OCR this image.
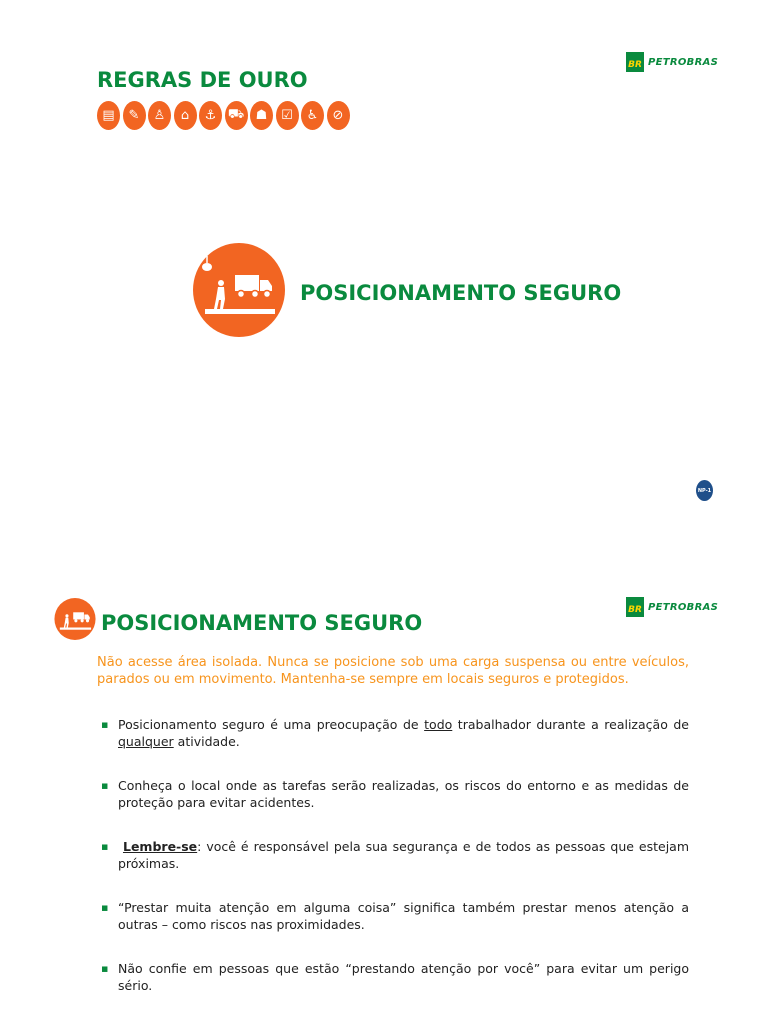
BR PETROBRAS
REGRAS DE OURO
▤	✎	♙	⌂	⚓ ⛟ ☗	☑	♿	⊘
POSICIONAMENTO SEGURO
NP-1
BR PETROBRAS
POSICIONAMENTO SEGURO
Não acesse área isolada. Nunca se posicione sob uma carga suspensa ou entre veículos, parados ou em movimento. Mantenha-se sempre em locais seguros e protegidos.
▪ Posicionamento seguro é uma preocupação de todo trabalhador durante a realização de qualquer atividade.
▪ Conheça o local onde as tarefas serão realizadas, os riscos do entorno e as medidas de proteção para evitar acidentes.
▪ Lembre-se: você é responsável pela sua segurança e de todos as pessoas que estejam próximas.
▪ “Prestar muita atenção em alguma coisa” significa também prestar menos atenção a outras – como riscos nas proximidades.
▪ Não confie em pessoas que estão “prestando atenção por você” para evitar um perigo sério.
